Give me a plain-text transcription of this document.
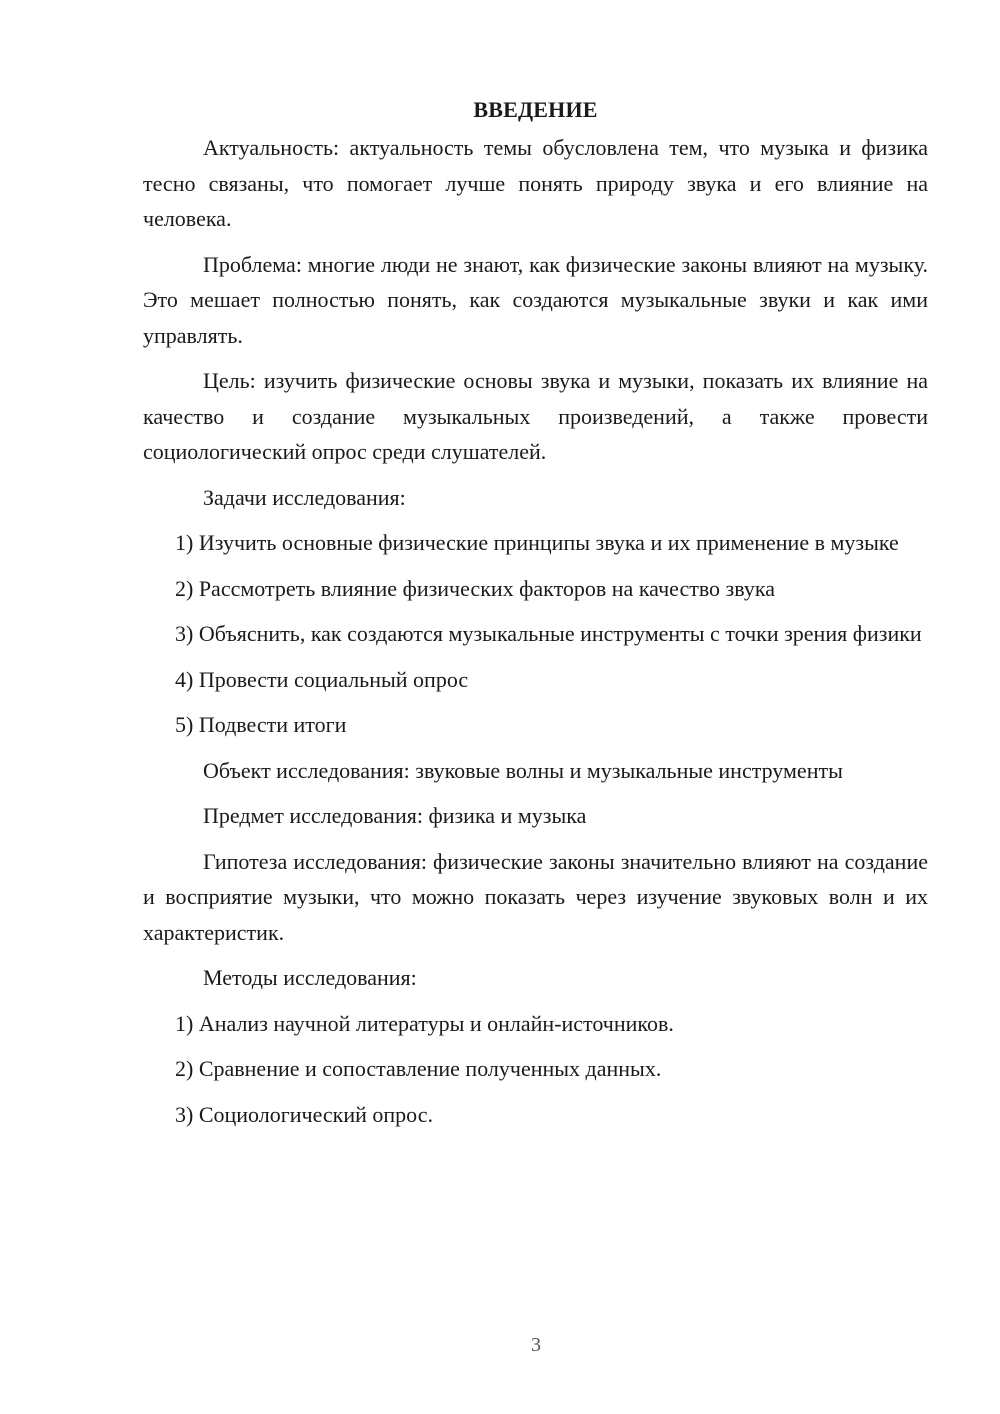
ВВЕДЕНИЕ

Актуальность: актуальность темы обусловлена тем, что музыка и физика тесно связаны, что помогает лучше понять природу звука и его влияние на человека.

Проблема: многие люди не знают, как физические законы влияют на музыку. Это мешает полностью понять, как создаются музыкальные звуки и как ими управлять.

Цель: изучить физические основы звука и музыки, показать их влияние на качество и создание музыкальных произведений, а также провести социологический опрос среди слушателей.

Задачи исследования:

1) Изучить основные физические принципы звука и их применение в музыке

2) Рассмотреть влияние физических факторов на качество звука

3) Объяснить, как создаются музыкальные инструменты с точки зрения физики

4) Провести социальный опрос

5) Подвести итоги

Объект исследования: звуковые волны и музыкальные инструменты

Предмет исследования: физика и музыка

Гипотеза исследования: физические законы значительно влияют на создание и восприятие музыки, что можно показать через изучение звуковых волн и их характеристик.

Методы исследования:

1) Анализ научной литературы и онлайн-источников.

2) Сравнение и сопоставление полученных данных.

3) Социологический опрос.

3
